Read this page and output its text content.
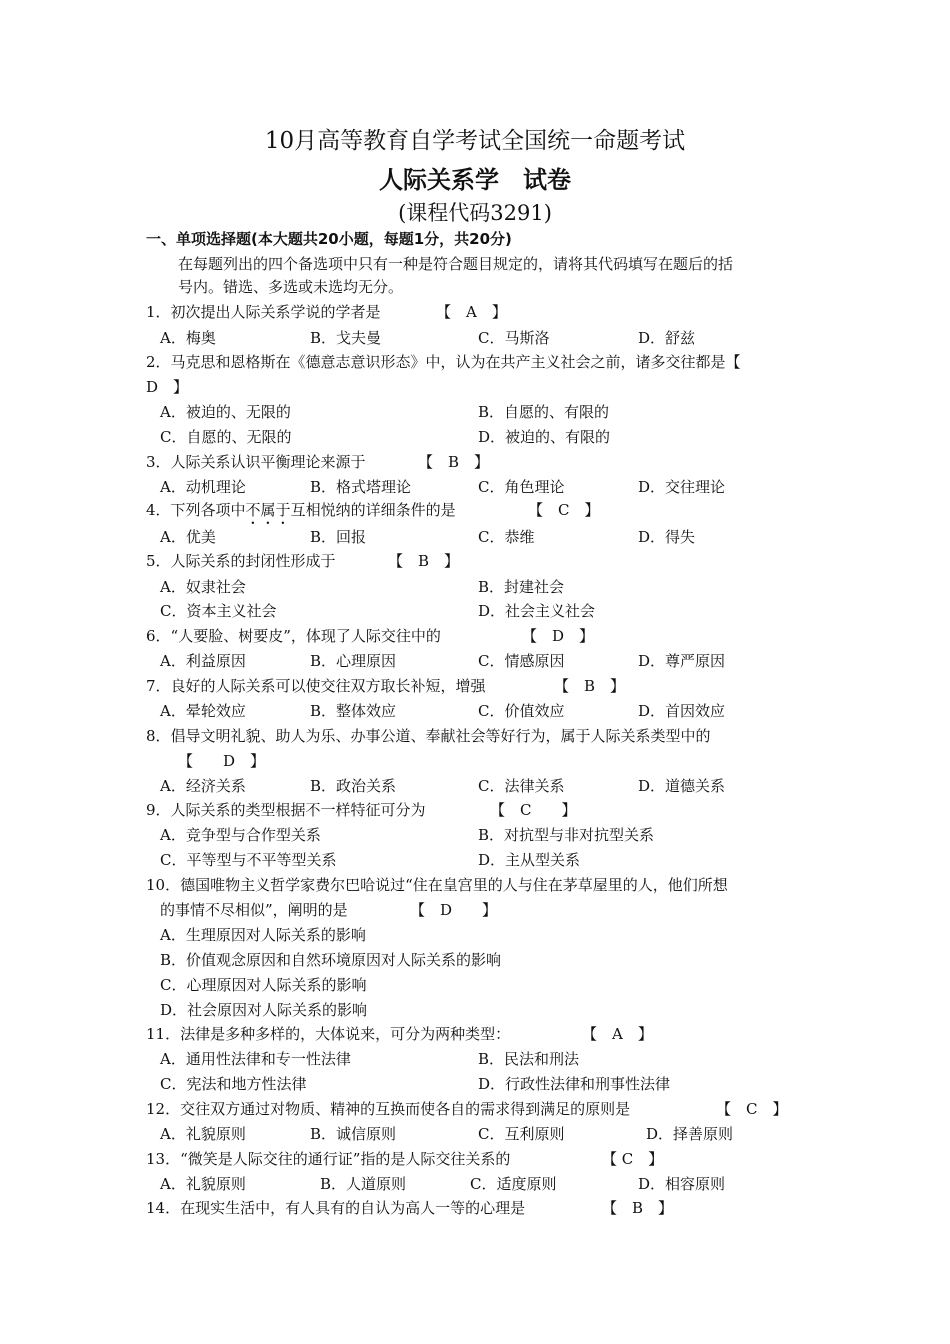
10月高等教育自学考试全国统一命题考试
人际关系学　试卷
(课程代码3291)
一、单项选择题(本大题共20小题，每题1分，共20分)
在每题列出的四个备选项中只有一种是符合题目规定的，请将其代码填写在题后的括
号内。错选、多选或未选均无分。
1．初次提出人际关系学说的学者是	【　A　】
A．梅奥	B．戈夫曼	C．马斯洛	D．舒兹
2．马克思和恩格斯在《德意志意识形态》中，认为在共产主义社会之前，诸多交往都是【
D　】
A．被迫的、无限的	B．自愿的、有限的
C．自愿的、无限的	D．被迫的、有限的
3．人际关系认识平衡理论来源于	【　B　】
A．动机理论	B．格式塔理论	C．角色理论	D．交往理论
4．下列各项中不属于互相悦纳的详细条件的是	【　C　】
A．优美	B．回报	C．恭维	D．得失
5．人际关系的封闭性形成于	【　B　】
A．奴隶社会	B．封建社会
C．资本主义社会	D．社会主义社会
6．“人要脸、树要皮”，体现了人际交往中的	【　D　】
A．利益原因	B．心理原因	C．情感原因	D．尊严原因
7．良好的人际关系可以使交往双方取长补短，增强	【　B　】
A．晕轮效应	B．整体效应	C．价值效应	D．首因效应
8．倡导文明礼貌、助人为乐、办事公道、奉献社会等好行为，属于人际关系类型中的
【　　D　】
A．经济关系	B．政治关系	C．法律关系	D．道德关系
9．人际关系的类型根据不一样特征可分为	【　C　　】
A．竞争型与合作型关系	B．对抗型与非对抗型关系
C．平等型与不平等型关系	D．主从型关系
10．德国唯物主义哲学家费尔巴哈说过“住在皇宫里的人与住在茅草屋里的人，他们所想
的事情不尽相似”，阐明的是	【　D　　】
A．生理原因对人际关系的影响
B．价值观念原因和自然环境原因对人际关系的影响
C．心理原因对人际关系的影响
D．社会原因对人际关系的影响
11．法律是多种多样的，大体说来，可分为两种类型：	【　A　】
A．通用性法律和专一性法律	B．民法和刑法
C．宪法和地方性法律	D．行政性法律和刑事性法律
12．交往双方通过对物质、精神的互换而使各自的需求得到满足的原则是	【　C　】
A．礼貌原则	B．诚信原则	C．互利原则	D．择善原则
13．“微笑是人际交往的通行证”指的是人际交往关系的	【 C　】
A．礼貌原则	B．人道原则	C．适度原则	D．相容原则
14．在现实生活中，有人具有的自认为高人一等的心理是	【　B　】
